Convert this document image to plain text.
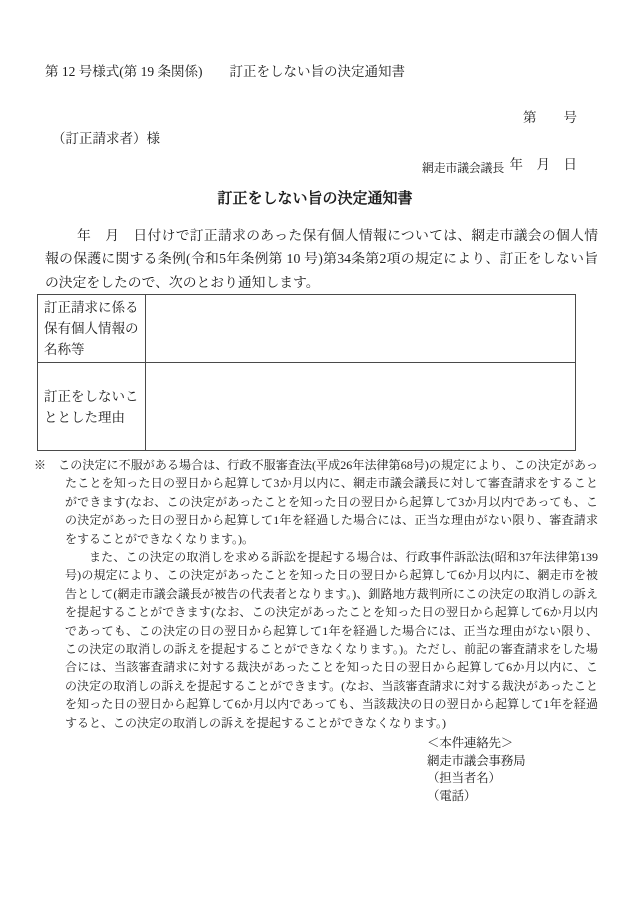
第 12 号様式(第 19 条関係)　　訂正をしない旨の決定通知書

第　　号

年　月　日

（訂正請求者）様
網走市議会議長
訂正をしない旨の決定通知書
年　月　日付けで訂正請求のあった保有個人情報については、網走市議会の個人情報の保護に関する条例(令和5年条例第 10 号)第34条第2項の規定により、訂正をしない旨の決定をしたので、次のとおり通知します。
訂正請求に係る保有個人情報の名称等	
訂正をしないこととした理由	

※　この決定に不服がある場合は、行政不服審査法(平成26年法律第68号)の規定により、この決定があったことを知った日の翌日から起算して3か月以内に、網走市議会議長に対して審査請求をすることができます(なお、この決定があったことを知った日の翌日から起算して3か月以内であっても、この決定があった日の翌日から起算して1年を経過した場合には、正当な理由がない限り、審査請求をすることができなくなります。)。

また、この決定の取消しを求める訴訟を提起する場合は、行政事件訴訟法(昭和37年法律第139号)の規定により、この決定があったことを知った日の翌日から起算して6か月以内に、網走市を被告として(網走市議会議長が被告の代表者となります。)、釧路地方裁判所にこの決定の取消しの訴えを提起することができます(なお、この決定があったことを知った日の翌日から起算して6か月以内であっても、この決定の日の翌日から起算して1年を経過した場合には、正当な理由がない限り、この決定の取消しの訴えを提起することができなくなります。)。ただし、前記の審査請求をした場合には、当該審査請求に対する裁決があったことを知った日の翌日から起算して6か月以内に、この決定の取消しの訴えを提起することができます。(なお、当該審査請求に対する裁決があったことを知った日の翌日から起算して6か月以内であっても、当該裁決の日の翌日から起算して1年を経過すると、この決定の取消しの訴えを提起することができなくなります。)

＜本件連絡先＞
網走市議会事務局
（担当者名）
（電話）
